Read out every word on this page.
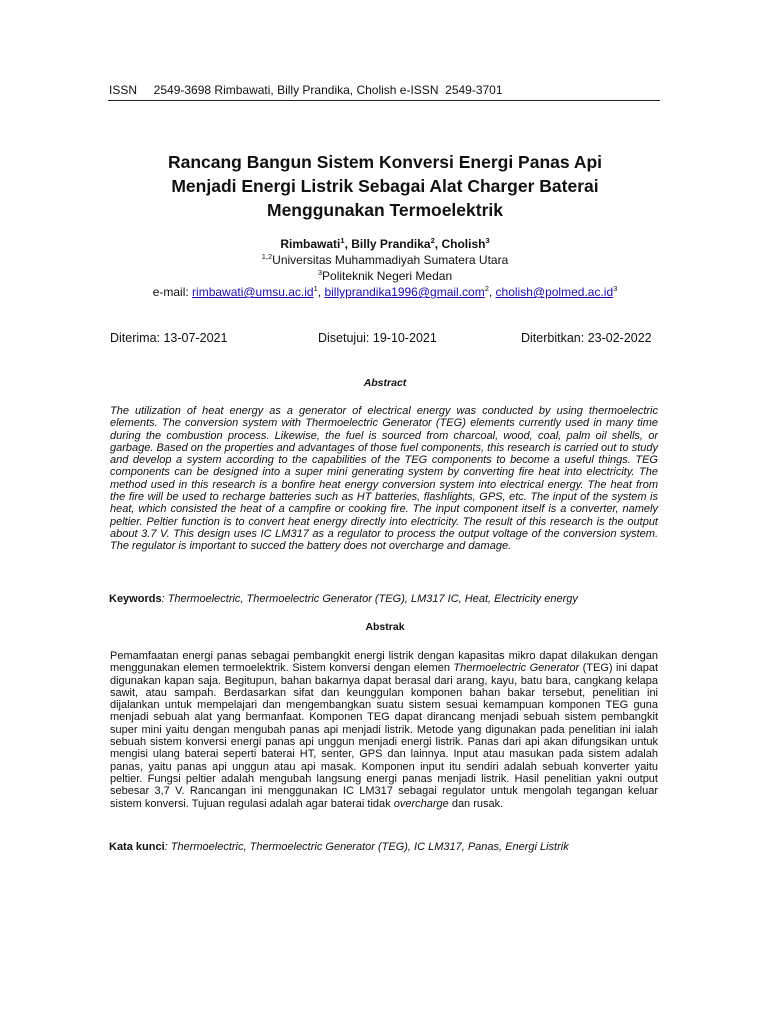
ISSN     2549-3698 Rimbawati, Billy Prandika, Cholish e-ISSN  2549-3701
Rancang Bangun Sistem Konversi Energi Panas Api
Menjadi Energi Listrik Sebagai Alat Charger Baterai
Menggunakan Termoelektrik
Rimbawati$^1$, Billy Prandika$^2$, Cholish$^3$
$^{1,2}$Universitas Muhammadiyah Sumatera Utara
$^3$Politeknik Negeri Medan
e-mail: $rimbawati@umsu.ac.id^1$, billyprandika1996@gmail.com$^2$, $cholish@polmed.ac.id^3$
Diterima: 13-07-2021	Disetujui: 19-10-2021	Diterbitkan: 23-02-2022
Abstract

The utilization of heat energy as a generator of electrical energy was conducted by using thermoelectric elements. The conversion system with Thermoelectric Generator (TEG) elements currently used in many time during the combustion process. Likewise, the fuel is sourced from charcoal, wood, coal, palm oil shells, or garbage. Based on the properties and advantages of those fuel components, this research is carried out to study and develop a system according to the capabilities of the TEG components to become a useful things. TEG components can be designed into a super mini generating system by converting fire heat into electricity. The method used in this research is a bonfire heat energy conversion system into electrical energy. The heat from the fire will be used to recharge batteries such as HT batteries, flashlights, GPS, etc. The input of the system is heat, which consisted the heat of a campfire or cooking fire. The input component itself is a converter, namely peltier. Peltier function is to convert heat energy directly into electricity. The result of this research is the output about 3.7 V. This design uses IC LM317 as a regulator to process the output voltage of the conversion system. The regulator is important to succed the battery does not overcharge and damage.

Keywords: Thermoelectric, Thermoelectric Generator (TEG), LM317 IC, Heat, Electricity energy
Abstrak

Pemamfaatan energi panas sebagai pembangkit energi listrik dengan kapasitas mikro dapat dilakukan dengan menggunakan elemen termoelektrik. Sistem konversi dengan elemen Thermoelectric Generator (TEG) ini dapat digunakan kapan saja. Begitupun, bahan bakarnya dapat berasal dari arang, kayu, batu bara, cangkang kelapa sawit, atau sampah. Berdasarkan sifat dan keunggulan komponen bahan bakar tersebut, penelitian ini dijalankan untuk mempelajari dan mengembangkan suatu sistem sesuai kemampuan komponen TEG guna menjadi sebuah alat yang bermanfaat. Komponen TEG dapat dirancang menjadi sebuah sistem pembangkit super mini yaitu dengan mengubah panas api menjadi listrik. Metode yang digunakan pada penelitian ini ialah sebuah sistem konversi energi panas api unggun menjadi energi listrik. Panas dari api akan difungsikan untuk mengisi ulang baterai seperti baterai HT, senter, GPS dan lainnya. Input atau masukan pada sistem adalah panas, yaitu panas api unggun atau api masak. Komponen input itu sendiri adalah sebuah konverter yaitu peltier. Fungsi peltier adalah mengubah langsung energi panas menjadi listrik. Hasil penelitian yakni output sebesar 3,7 V. Rancangan ini menggunakan IC LM317 sebagai regulator untuk mengolah tegangan keluar sistem konversi. Tujuan regulasi adalah agar baterai tidak overcharge dan rusak.

Kata kunci: Thermoelectric, Thermoelectric Generator (TEG), IC LM317, Panas, Energi Listrik
